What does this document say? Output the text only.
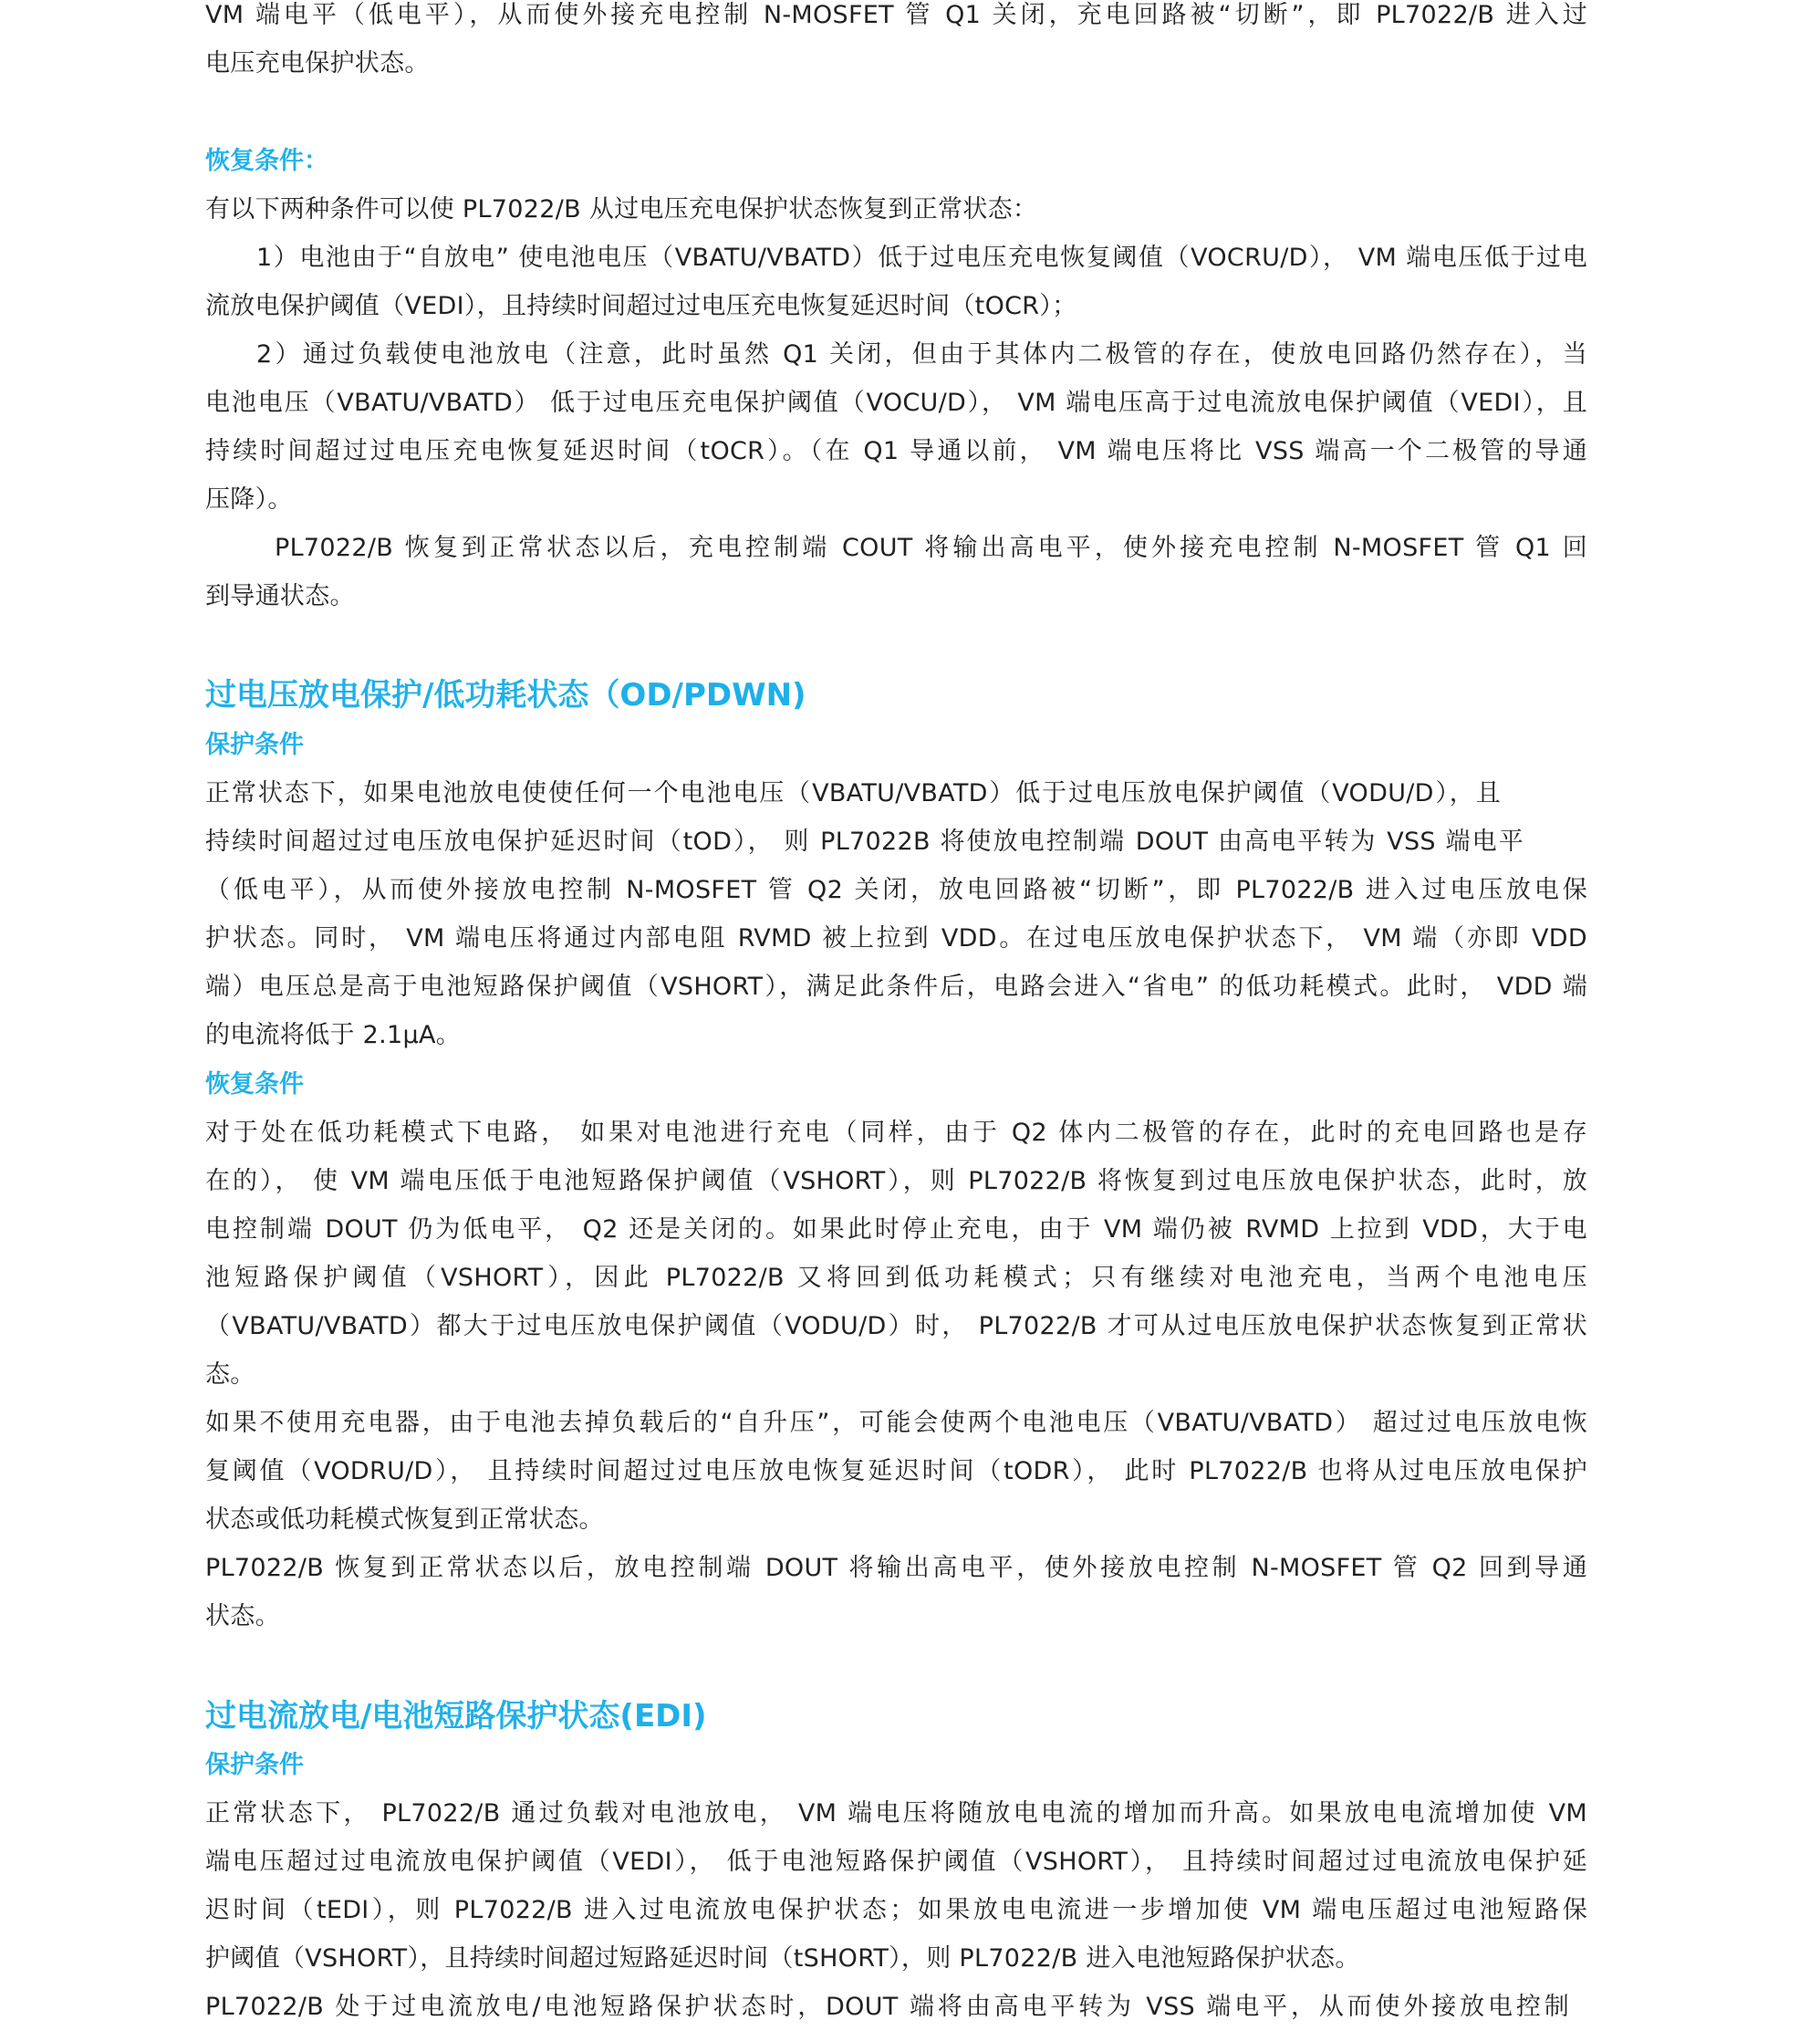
VM 端电平（低电平），从而使外接充电控制 N-MOSFET 管 Q1 关闭，充电回路被“切断”，即 PL7022/B 进入过
电压充电保护状态。
恢复条件：
有以下两种条件可以使 PL7022/B 从过电压充电保护状态恢复到正常状态：
1）电池由于“自放电” 使电池电压（VBATU/VBATD）低于过电压充电恢复阈值（VOCRU/D）， VM 端电压低于过电
流放电保护阈值（VEDI），且持续时间超过过电压充电恢复延迟时间（tOCR）；
2）通过负载使电池放电（注意，此时虽然 Q1 关闭，但由于其体内二极管的存在，使放电回路仍然存在），当
电池电压（VBATU/VBATD） 低于过电压充电保护阈值（VOCU/D）， VM 端电压高于过电流放电保护阈值（VEDI），且
持续时间超过过电压充电恢复延迟时间（tOCR）。（在 Q1 导通以前， VM 端电压将比 VSS 端高一个二极管的导通
压降）。
PL7022/B 恢复到正常状态以后，充电控制端 COUT 将输出高电平，使外接充电控制 N-MOSFET 管 Q1 回
到导通状态。
过电压放电保护/低功耗状态（OD/PDWN)
保护条件
正常状态下，如果电池放电使使任何一个电池电压（VBATU/VBATD）低于过电压放电保护阈值（VODU/D），且
持续时间超过过电压放电保护延迟时间（tOD）， 则 PL7022B 将使放电控制端 DOUT 由高电平转为 VSS 端电平
（低电平），从而使外接放电控制 N-MOSFET 管 Q2 关闭，放电回路被“切断”，即 PL7022/B 进入过电压放电保
护状态。同时， VM 端电压将通过内部电阻 RVMD 被上拉到 VDD。在过电压放电保护状态下， VM 端（亦即 VDD
端）电压总是高于电池短路保护阈值（VSHORT），满足此条件后，电路会进入“省电” 的低功耗模式。此时， VDD 端
的电流将低于 2.1μA。
恢复条件
对于处在低功耗模式下电路， 如果对电池进行充电（同样，由于 Q2 体内二极管的存在，此时的充电回路也是存
在的）， 使 VM 端电压低于电池短路保护阈值（VSHORT），则 PL7022/B 将恢复到过电压放电保护状态，此时，放
电控制端 DOUT 仍为低电平， Q2 还是关闭的。如果此时停止充电，由于 VM 端仍被 RVMD 上拉到 VDD，大于电
池短路保护阈值（VSHORT），因此 PL7022/B 又将回到低功耗模式；只有继续对电池充电，当两个电池电压
（VBATU/VBATD）都大于过电压放电保护阈值（VODU/D）时， PL7022/B 才可从过电压放电保护状态恢复到正常状
态。
如果不使用充电器，由于电池去掉负载后的“自升压”，可能会使两个电池电压（VBATU/VBATD） 超过过电压放电恢
复阈值（VODRU/D）， 且持续时间超过过电压放电恢复延迟时间（tODR）， 此时 PL7022/B 也将从过电压放电保护
状态或低功耗模式恢复到正常状态。
PL7022/B 恢复到正常状态以后，放电控制端 DOUT 将输出高电平，使外接放电控制 N-MOSFET 管 Q2 回到导通
状态。
过电流放电/电池短路保护状态(EDI)
保护条件
正常状态下， PL7022/B 通过负载对电池放电， VM 端电压将随放电电流的增加而升高。如果放电电流增加使 VM
端电压超过过电流放电保护阈值（VEDI）， 低于电池短路保护阈值（VSHORT）， 且持续时间超过过电流放电保护延
迟时间（tEDI），则 PL7022/B 进入过电流放电保护状态；如果放电电流进一步增加使 VM 端电压超过电池短路保
护阈值（VSHORT），且持续时间超过短路延迟时间（tSHORT），则 PL7022/B 进入电池短路保护状态。
PL7022/B 处于过电流放电/电池短路保护状态时，DOUT 端将由高电平转为 VSS 端电平，从而使外接放电控制
